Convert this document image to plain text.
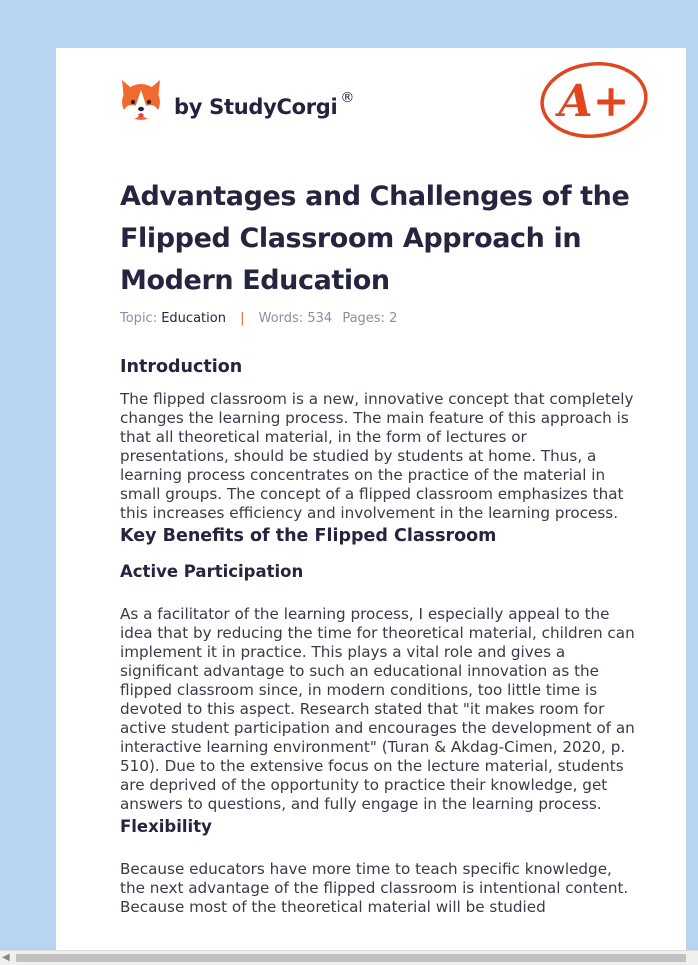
by StudyCorgi ®	A+
Advantages and Challenges of the Flipped Classroom Approach in Modern Education
Topic: Education | Words: 534 Pages: 2
Introduction

The flipped classroom is a new, innovative concept that completely changes the learning process. The main feature of this approach is that all theoretical material, in the form of lectures or presentations, should be studied by students at home. Thus, a learning process concentrates on the practice of the material in small groups. The concept of a flipped classroom emphasizes that this increases efficiency and involvement in the learning process.

Key Benefits of the Flipped Classroom
Active Participation

As a facilitator of the learning process, I especially appeal to the idea that by reducing the time for theoretical material, children can implement it in practice. This plays a vital role and gives a significant advantage to such an educational innovation as the flipped classroom since, in modern conditions, too little time is devoted to this aspect. Research stated that "it makes room for active student participation and encourages the development of an interactive learning environment" (Turan & Akdag-Cimen, 2020, p. 510). Due to the extensive focus on the lecture material, students are deprived of the opportunity to practice their knowledge, get answers to questions, and fully engage in the learning process.

Flexibility

Because educators have more time to teach specific knowledge, the next advantage of the flipped classroom is intentional content. Because most of the theoretical material will be studied

◀
